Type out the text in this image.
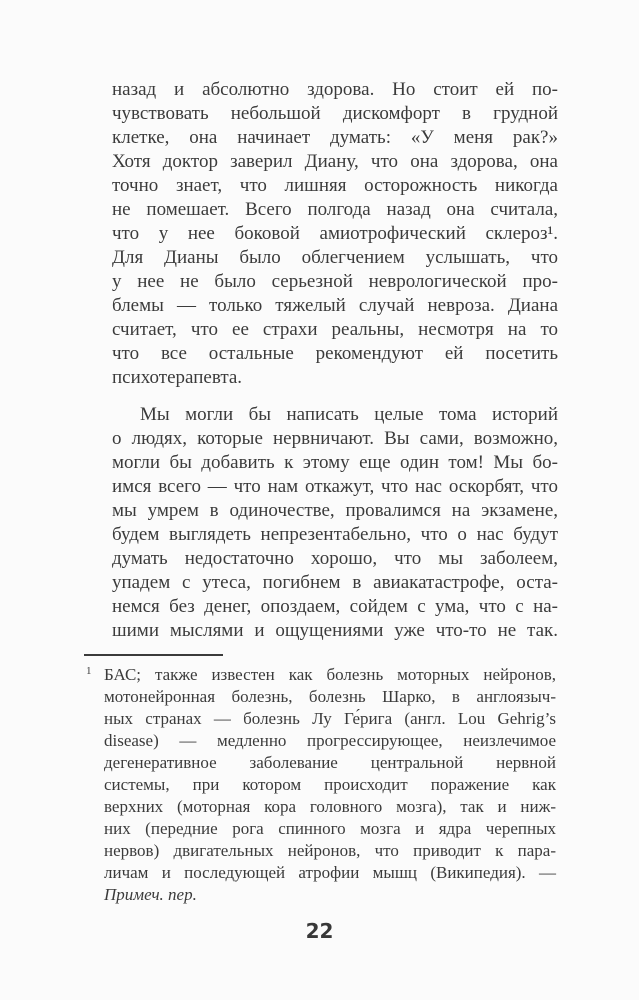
назад и абсолютно здорова. Но стоит ей по-
чувствовать небольшой дискомфорт в грудной
клетке, она начинает думать: «У меня рак?»
Хотя доктор заверил Диану, что она здорова, она
точно знает, что лишняя осторожность никогда
не помешает. Всего полгода назад она считала,
что у нее боковой амиотрофический склероз¹.
Для Дианы было облегчением услышать, что
у нее не было серьезной неврологической про-
блемы — только тяжелый случай невроза. Диана
считает, что ее страхи реальны, несмотря на то
что все остальные рекомендуют ей посетить
психотерапевта.
Мы могли бы написать целые тома историй
о людях, которые нервничают. Вы сами, возможно,
могли бы добавить к этому еще один том! Мы бо-
имся всего — что нам откажут, что нас оскорбят, что
мы умрем в одиночестве, провалимся на экзамене,
будем выглядеть непрезентабельно, что о нас будут
думать недостаточно хорошо, что мы заболеем,
упадем с утеса, погибнем в авиакатастрофе, оста-
немся без денег, опоздаем, сойдем с ума, что с на-
шими мыслями и ощущениями уже что-то не так.
1 БАС; также известен как болезнь моторных нейронов,
мотонейронная болезнь, болезнь Шарко, в англоязыч-
ных странах — болезнь Лу Ге́рига (англ. Lou Gehrig’s
disease) — медленно прогрессирующее, неизлечимое
дегенеративное заболевание центральной нервной
системы, при котором происходит поражение как
верхних (моторная кора головного мозга), так и ниж-
них (передние рога спинного мозга и ядра черепных
нервов) двигательных нейронов, что приводит к пара-
личам и последующей атрофии мышц (Википедия). —
Примеч. пер.
22
